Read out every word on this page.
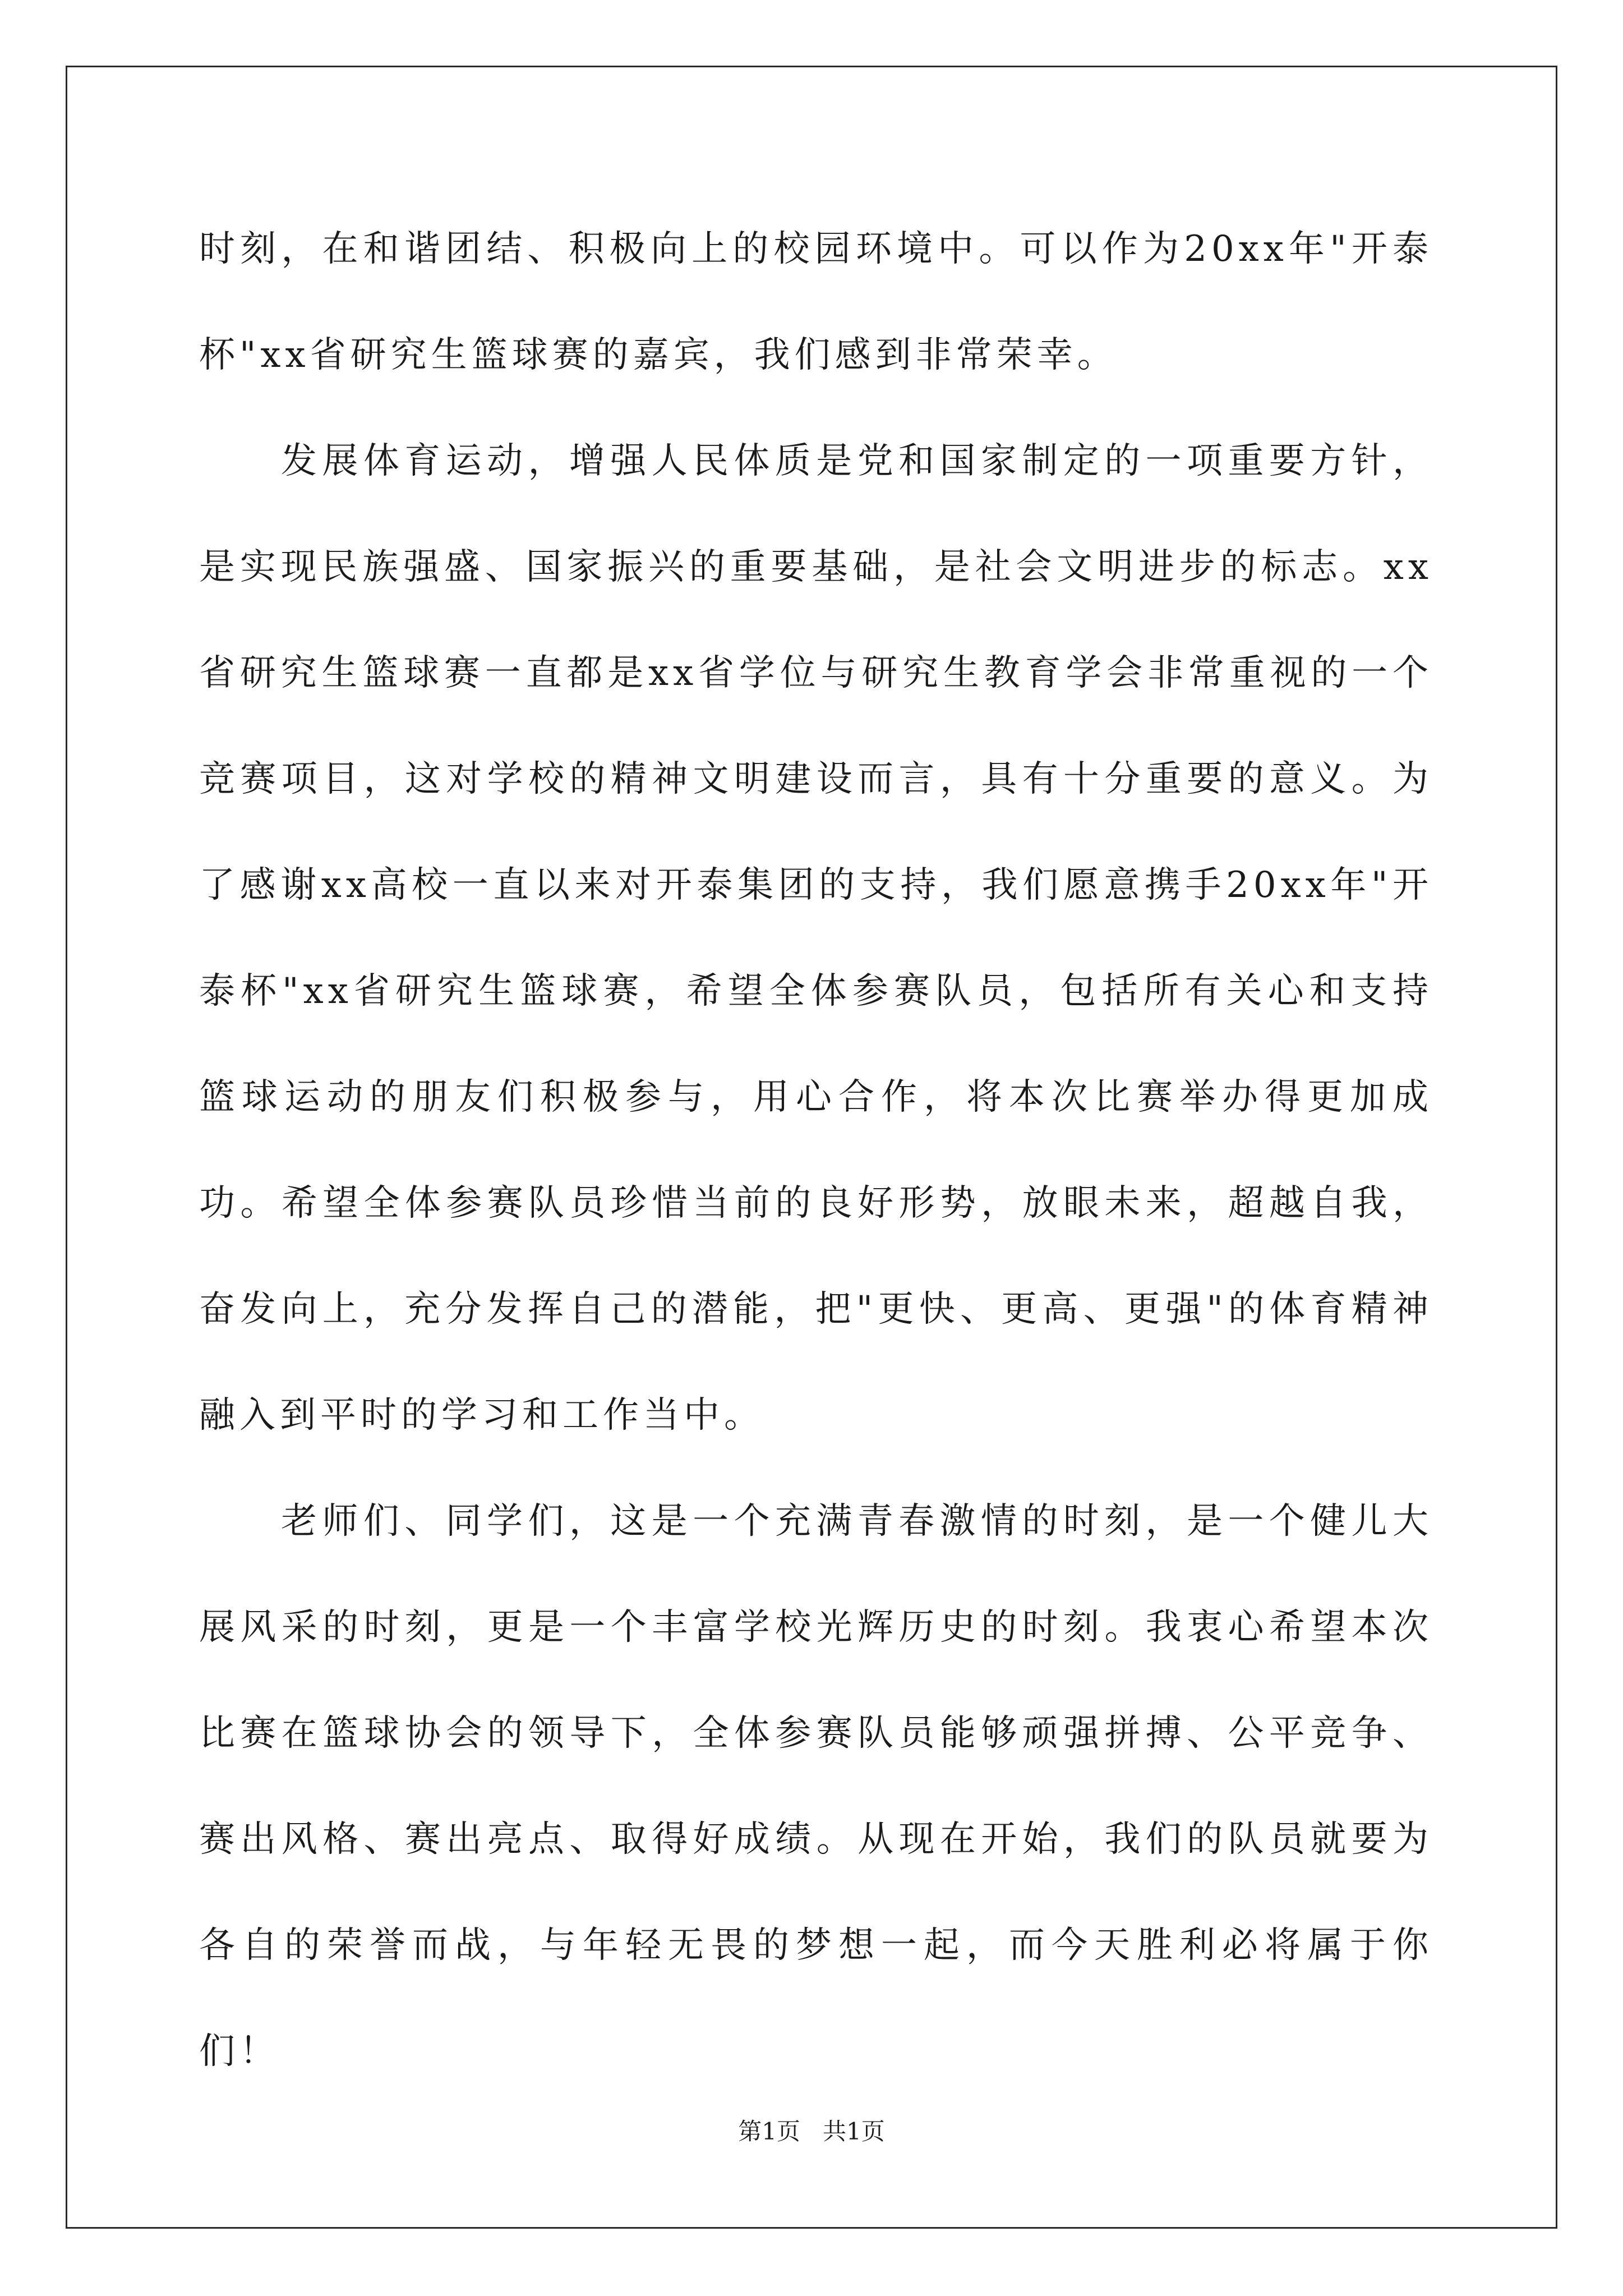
时刻，在和谐团结、积极向上的校园环境中。可以作为20xx年"开泰杯"xx省研究生篮球赛的嘉宾，我们感到非常荣幸。

发展体育运动，增强人民体质是党和国家制定的一项重要方针，是实现民族强盛、国家振兴的重要基础，是社会文明进步的标志。xx省研究生篮球赛一直都是xx省学位与研究生教育学会非常重视的一个竞赛项目，这对学校的精神文明建设而言，具有十分重要的意义。为了感谢xx高校一直以来对开泰集团的支持，我们愿意携手20xx年"开泰杯"xx省研究生篮球赛，希望全体参赛队员，包括所有关心和支持篮球运动的朋友们积极参与，用心合作，将本次比赛举办得更加成功。希望全体参赛队员珍惜当前的良好形势，放眼未来，超越自我，奋发向上，充分发挥自己的潜能，把"更快、更高、更强"的体育精神融入到平时的学习和工作当中。

老师们、同学们，这是一个充满青春激情的时刻，是一个健儿大展风采的时刻，更是一个丰富学校光辉历史的时刻。我衷心希望本次比赛在篮球协会的领导下，全体参赛队员能够顽强拼搏、公平竞争、赛出风格、赛出亮点、取得好成绩。从现在开始，我们的队员就要为各自的荣誉而战，与年轻无畏的梦想一起，而今天胜利必将属于你们！

第1页   共1页
